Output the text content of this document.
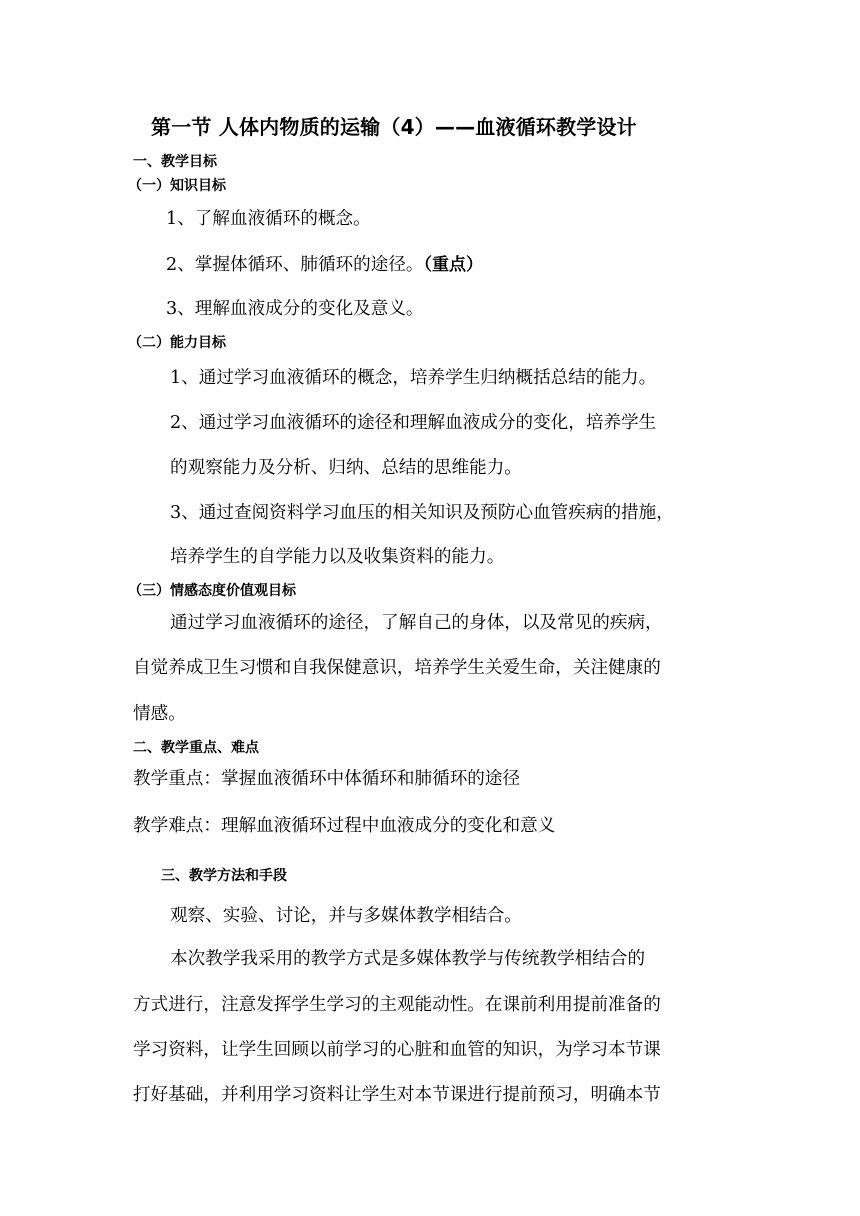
第一节 人体内物质的运输（4）——血液循环教学设计
一、教学目标
（一）知识目标
1、了解血液循环的概念。
2、掌握体循环、肺循环的途径。（重点）
3、理解血液成分的变化及意义。
（二）能力目标
1、通过学习血液循环的概念，培养学生归纳概括总结的能力。
2、通过学习血液循环的途径和理解血液成分的变化，培养学生
的观察能力及分析、归纳、总结的思维能力。
3、通过查阅资料学习血压的相关知识及预防心血管疾病的措施，
培养学生的自学能力以及收集资料的能力。
（三）情感态度价值观目标
通过学习血液循环的途径，了解自己的身体，以及常见的疾病，
自觉养成卫生习惯和自我保健意识，培养学生关爱生命，关注健康的
情感。
二、教学重点、难点
教学重点：掌握血液循环中体循环和肺循环的途径
教学难点：理解血液循环过程中血液成分的变化和意义
三、教学方法和手段
观察、实验、讨论，并与多媒体教学相结合。
本次教学我采用的教学方式是多媒体教学与传统教学相结合的
方式进行，注意发挥学生学习的主观能动性。在课前利用提前准备的
学习资料，让学生回顾以前学习的心脏和血管的知识，为学习本节课
打好基础，并利用学习资料让学生对本节课进行提前预习，明确本节
